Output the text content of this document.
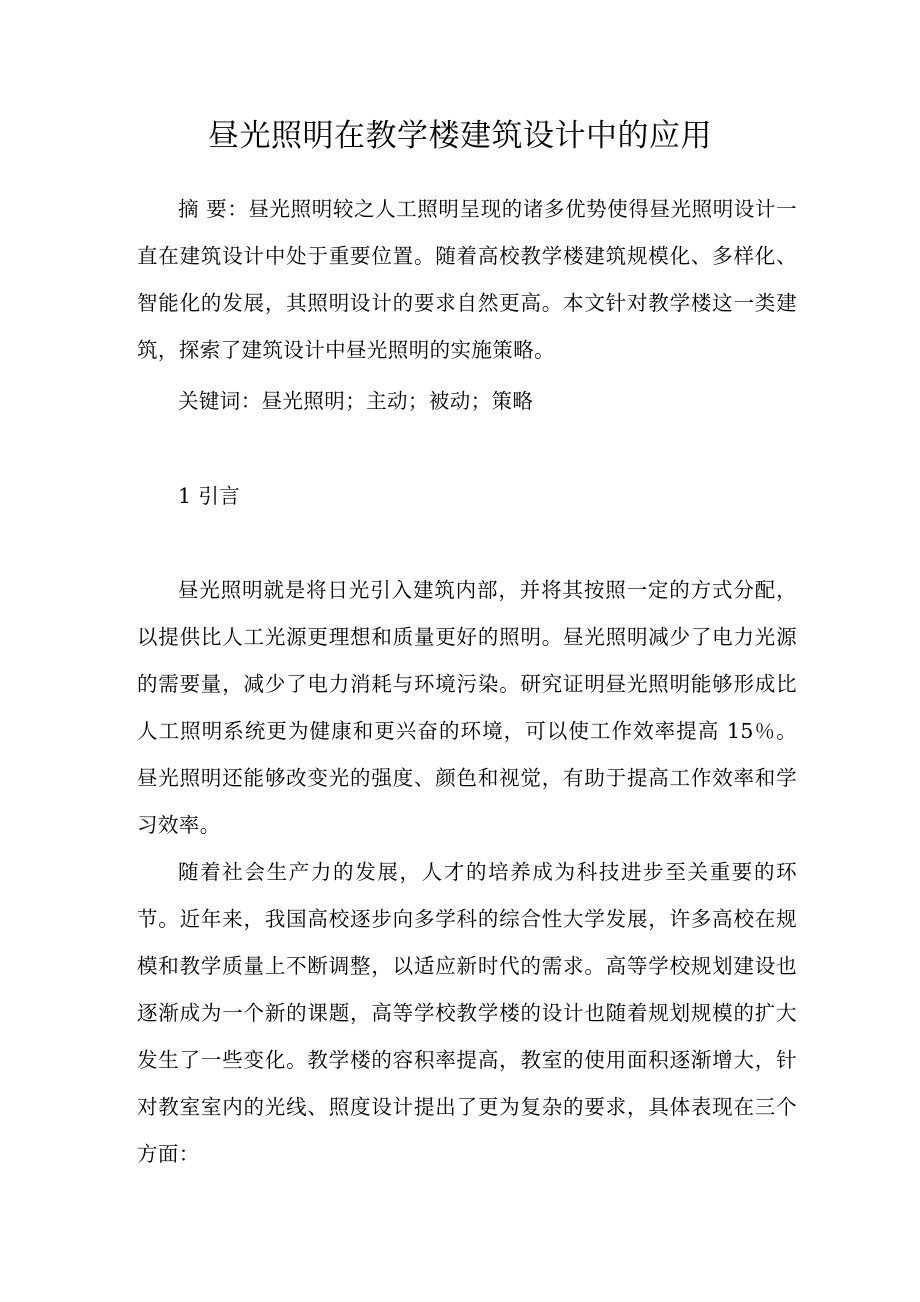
昼光照明在教学楼建筑设计中的应用

摘 要：昼光照明较之人工照明呈现的诸多优势使得昼光照明设计一直在建筑设计中处于重要位置。随着高校教学楼建筑规模化、多样化、智能化的发展，其照明设计的要求自然更高。本文针对教学楼这一类建筑，探索了建筑设计中昼光照明的实施策略。

关键词：昼光照明；主动；被动；策略

1 引言

昼光照明就是将日光引入建筑内部，并将其按照一定的方式分配，以提供比人工光源更理想和质量更好的照明。昼光照明减少了电力光源的需要量，减少了电力消耗与环境污染。研究证明昼光照明能够形成比人工照明系统更为健康和更兴奋的环境，可以使工作效率提高 15％。昼光照明还能够改变光的强度、颜色和视觉，有助于提高工作效率和学习效率。

随着社会生产力的发展，人才的培养成为科技进步至关重要的环节。近年来，我国高校逐步向多学科的综合性大学发展，许多高校在规模和教学质量上不断调整，以适应新时代的需求。高等学校规划建设也逐渐成为一个新的课题，高等学校教学楼的设计也随着规划规模的扩大发生了一些变化。教学楼的容积率提高，教室的使用面积逐渐增大，针对教室室内的光线、照度设计提出了更为复杂的要求，具体表现在三个方面：
